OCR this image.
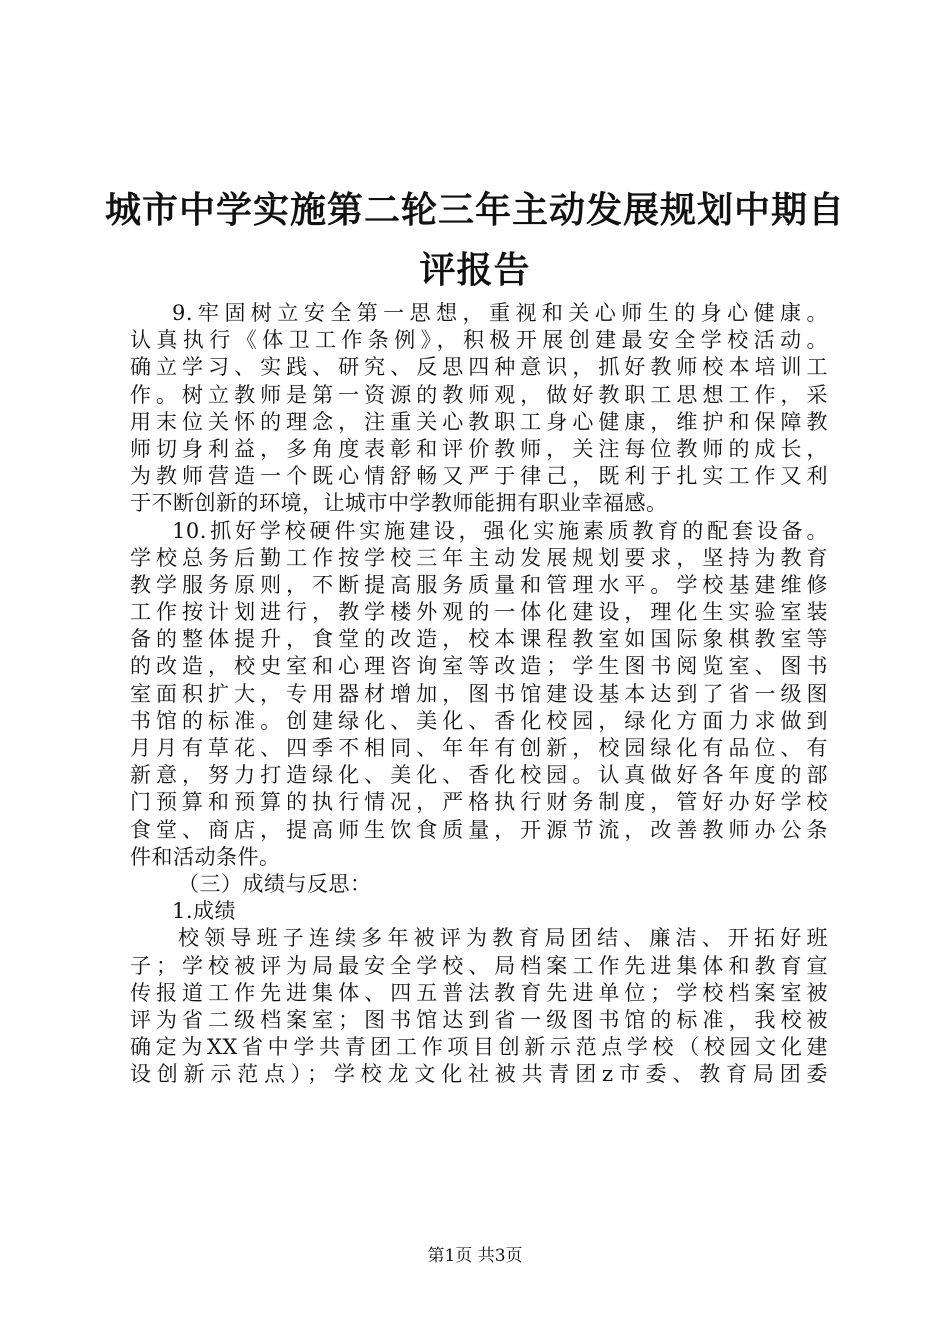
城市中学实施第二轮三年主动发展规划中期自
评报告
9.牢固树立安全第一思想，重视和关心师生的身心健康。
认真执行《体卫工作条例》，积极开展创建最安全学校活动。
确立学习、实践、研究、反思四种意识，抓好教师校本培训工
作。树立教师是第一资源的教师观，做好教职工思想工作，采
用末位关怀的理念，注重关心教职工身心健康，维护和保障教
师切身利益，多角度表彰和评价教师，关注每位教师的成长，
为教师营造一个既心情舒畅又严于律己，既利于扎实工作又利
于不断创新的环境，让城市中学教师能拥有职业幸福感。
10.抓好学校硬件实施建设，强化实施素质教育的配套设备。
学校总务后勤工作按学校三年主动发展规划要求，坚持为教育
教学服务原则，不断提高服务质量和管理水平。学校基建维修
工作按计划进行，教学楼外观的一体化建设，理化生实验室装
备的整体提升，食堂的改造，校本课程教室如国际象棋教室等
的改造，校史室和心理咨询室等改造；学生图书阅览室、图书
室面积扩大，专用器材增加，图书馆建设基本达到了省一级图
书馆的标准。创建绿化、美化、香化校园，绿化方面力求做到
月月有草花、四季不相同、年年有创新，校园绿化有品位、有
新意，努力打造绿化、美化、香化校园。认真做好各年度的部
门预算和预算的执行情况，严格执行财务制度，管好办好学校
食堂、商店，提高师生饮食质量，开源节流，改善教师办公条
件和活动条件。
（三）成绩与反思：
1.成绩
校领导班子连续多年被评为教育局团结、廉洁、开拓好班
子；学校被评为局最安全学校、局档案工作先进集体和教育宣
传报道工作先进集体、四五普法教育先进单位；学校档案室被
评为省二级档案室；图书馆达到省一级图书馆的标准，我校被
确定为XX省中学共青团工作项目创新示范点学校（校园文化建
设创新示范点）；学校龙文化社被共青团z市委、教育局团委
第1页 共3页
